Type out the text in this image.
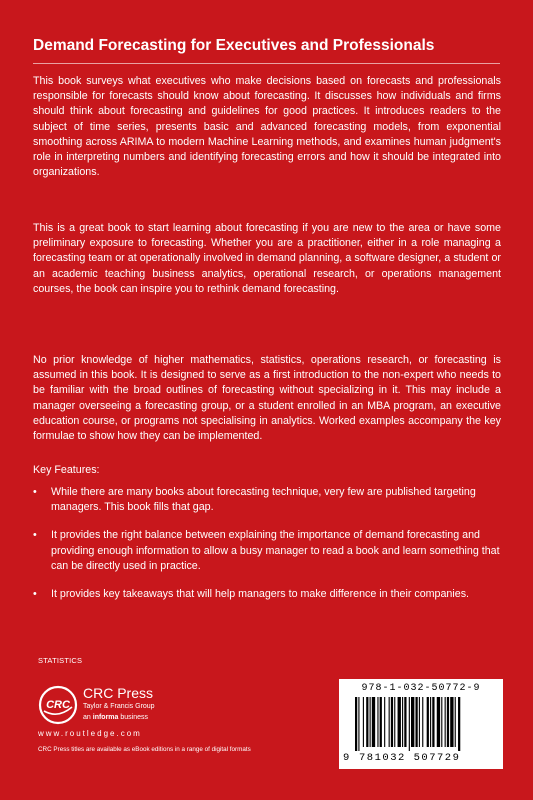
Demand Forecasting for Executives and Professionals

This book surveys what executives who make decisions based on forecasts and professionals responsible for forecasts should know about forecasting. It discusses how individuals and firms should think about forecasting and guidelines for good practices. It introduces readers to the subject of time series, presents basic and advanced forecasting models, from exponential smoothing across ARIMA to modern Machine Learning methods, and examines human judgment's role in interpreting numbers and identifying forecasting errors and how it should be integrated into organizations.

This is a great book to start learning about forecasting if you are new to the area or have some preliminary exposure to forecasting. Whether you are a practitioner, either in a role managing a forecasting team or at operationally involved in demand planning, a software designer, a student or an academic teaching business analytics, operational research, or operations management courses, the book can inspire you to rethink demand forecasting.

No prior knowledge of higher mathematics, statistics, operations research, or forecasting is assumed in this book. It is designed to serve as a first introduction to the non-expert who needs to be familiar with the broad outlines of forecasting without specializing in it. This may include a manager overseeing a forecasting group, or a student enrolled in an MBA program, an executive education course, or programs not specialising in analytics. Worked examples accompany the key formulae to show how they can be implemented.

Key Features:
• While there are many books about forecasting technique, very few are published targeting managers. This book fills that gap.
• It provides the right balance between explaining the importance of demand forecasting and providing enough information to allow a busy manager to read a book and learn something that can be directly used in practice.
• It provides key takeaways that will help managers to make difference in their companies.
STATISTICS
CRC
CRC Press
Taylor & Francis Group
an informa business
www.routledge.com
CRC Press titles are available as eBook editions in a range of digital formats
978-1-032-50772-9
9 781032 507729
